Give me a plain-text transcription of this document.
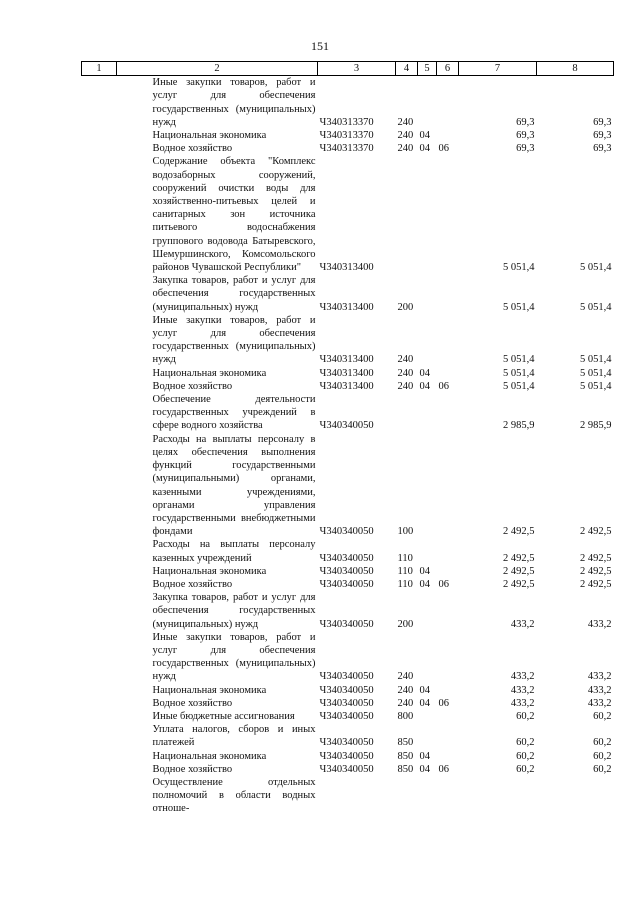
151
1	2	3	4	5	6	7	8
	Иные закупки товаров, работ и услуг для обеспечения государственных (муниципальных) нужд	Ч340313370	240			69,3	69,3
	Национальная экономика	Ч340313370	240	04		69,3	69,3
	Водное хозяйство	Ч340313370	240	04	06	69,3	69,3
	Содержание объекта "Комплекс водозаборных сооружений, сооружений очистки воды для хозяйственно-питьевых целей и санитарных зон источника питьевого водоснабжения группового водовода Батыревского, Шемуршинского, Комсомольского районов Чувашской Республики"	Ч340313400				5 051,4	5 051,4
	Закупка товаров, работ и услуг для обеспечения государственных (муниципальных) нужд	Ч340313400	200			5 051,4	5 051,4
	Иные закупки товаров, работ и услуг для обеспечения государственных (муниципальных) нужд	Ч340313400	240			5 051,4	5 051,4
	Национальная экономика	Ч340313400	240	04		5 051,4	5 051,4
	Водное хозяйство	Ч340313400	240	04	06	5 051,4	5 051,4
	Обеспечение деятельности государственных учреждений в сфере водного хозяйства	Ч340340050				2 985,9	2 985,9
	Расходы на выплаты персоналу в целях обеспечения выполнения функций государственными (муниципальными) органами, казенными учреждениями, органами управления государственными внебюджетными фондами	Ч340340050	100			2 492,5	2 492,5
	Расходы на выплаты персоналу казенных учреждений	Ч340340050	110			2 492,5	2 492,5
	Национальная экономика	Ч340340050	110	04		2 492,5	2 492,5
	Водное хозяйство	Ч340340050	110	04	06	2 492,5	2 492,5
	Закупка товаров, работ и услуг для обеспечения государственных (муниципальных) нужд	Ч340340050	200			433,2	433,2
	Иные закупки товаров, работ и услуг для обеспечения государственных (муниципальных) нужд	Ч340340050	240			433,2	433,2
	Национальная экономика	Ч340340050	240	04		433,2	433,2
	Водное хозяйство	Ч340340050	240	04	06	433,2	433,2
	Иные бюджетные ассигнования	Ч340340050	800			60,2	60,2
	Уплата налогов, сборов и иных платежей	Ч340340050	850			60,2	60,2
	Национальная экономика	Ч340340050	850	04		60,2	60,2
	Водное хозяйство	Ч340340050	850	04	06	60,2	60,2
	Осуществление отдельных полномочий в области водных отноше-						
